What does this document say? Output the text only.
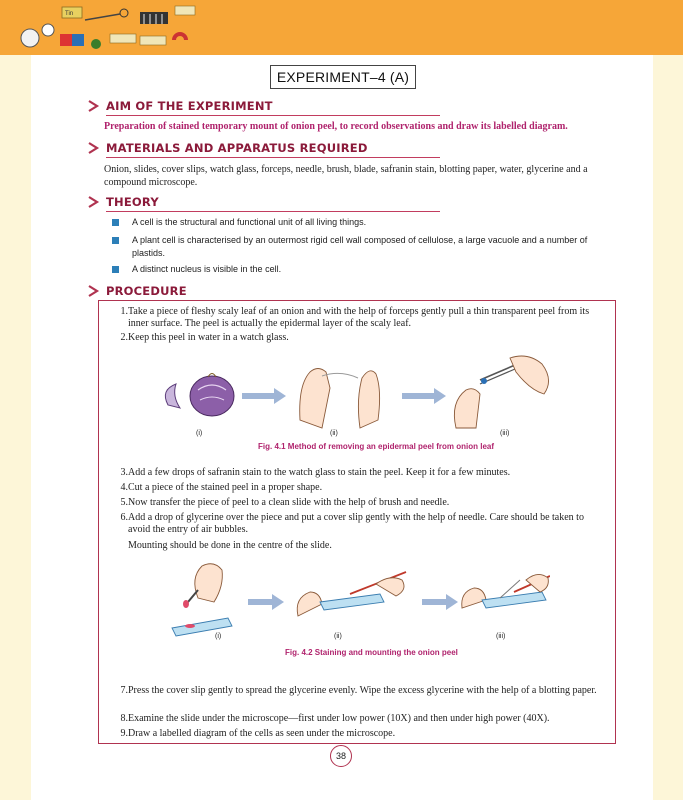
Tin
EXPERIMENT–4 (A)
AIM OF THE EXPERIMENT
Preparation of stained temporary mount of onion peel, to record observations and draw its labelled diagram.
MATERIALS AND APPARATUS REQUIRED
Onion, slides, cover slips, watch glass, forceps, needle, brush, blade, safranin stain, blotting paper, water, glycerine and a compound microscope.
THEORY
A cell is the structural and functional unit of all living things.
A plant cell is characterised by an outermost rigid cell wall composed of cellulose, a large vacuole and a number of plastids.
A distinct nucleus is visible in the cell.
PROCEDURE
1. Take a piece of fleshy scaly leaf of an onion and with the help of forceps gently pull a thin transparent peel from its inner surface. The peel is actually the epidermal layer of the scaly leaf.
2. Keep this peel in water in a watch glass.
(i)	(ii)	(iii)
Fig. 4.1 Method of removing an epidermal peel from onion leaf
3. Add a few drops of safranin stain to the watch glass to stain the peel. Keep it for a few minutes.
4. Cut a piece of the stained peel in a proper shape.
5. Now transfer the piece of peel to a clean slide with the help of brush and needle.
6. Add a drop of glycerine over the piece and put a cover slip gently with the help of needle. Care should be taken to avoid the entry of air bubbles.
Mounting should be done in the centre of the slide.
(i)	(ii)	(iii)
Fig. 4.2 Staining and mounting the onion peel
7. Press the cover slip gently to spread the glycerine evenly. Wipe the excess glycerine with the help of a blotting paper.
8. Examine the slide under the microscope—first under low power (10X) and then under high power (40X).
9. Draw a labelled diagram of the cells as seen under the microscope.
38
